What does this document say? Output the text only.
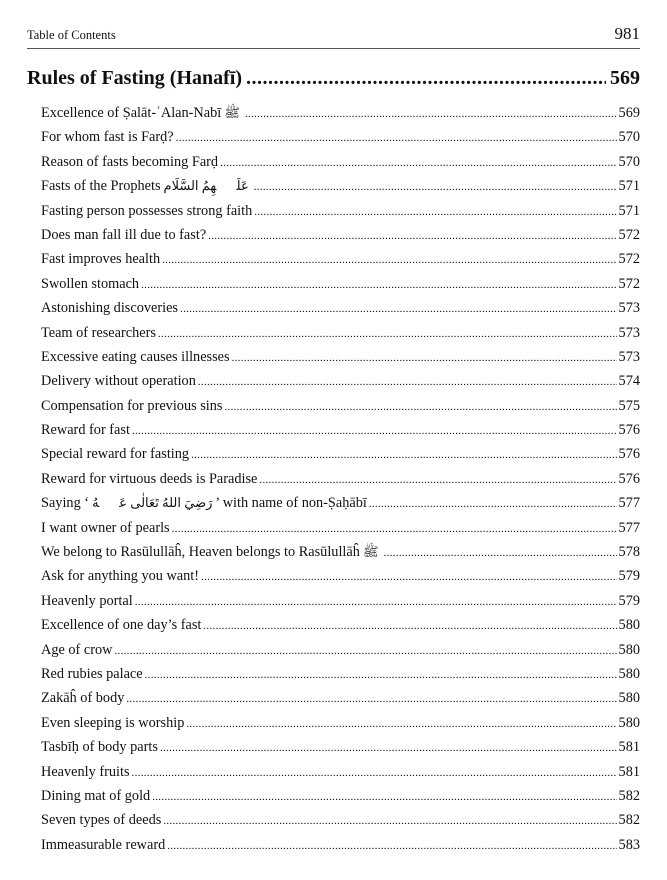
Table of Contents	981
Rules of Fasting (Hanafī) .....	569
Excellence of Ṣalāt-ʿAlan-Nabī ﷺ .....	569
For whom fast is Farḍ? .....	570
Reason of fasts becoming Farḍ .....	570
Fasts of the Prophets عَلَيۡهِمُ السَّلَام .....	571
Fasting person possesses strong faith .....	571
Does man fall ill due to fast? .....	572
Fast improves health .....	572
Swollen stomach .....	572
Astonishing discoveries .....	573
Team of researchers .....	573
Excessive eating causes illnesses .....	573
Delivery without operation .....	574
Compensation for previous sins .....	575
Reward for fast .....	576
Special reward for fasting .....	576
Reward for virtuous deeds is Paradise .....	576
Saying ‘ رَضِيَ اللهُ تَعَالٰى عَنۡهُ ’ with name of non-Ṣaḥābī .....	577
I want owner of pearls .....	577
We belong to Rasūlullāĥ, Heaven belongs to Rasūlullāĥ ﷺ .....	578
Ask for anything you want! .....	579
Heavenly portal .....	579
Excellence of one day’s fast .....	580
Age of crow .....	580
Red rubies palace .....	580
Zakāĥ of body .....	580
Even sleeping is worship .....	580
Tasbīḥ of body parts .....	581
Heavenly fruits .....	581
Dining mat of gold .....	582
Seven types of deeds .....	582
Immeasurable reward .....	583
